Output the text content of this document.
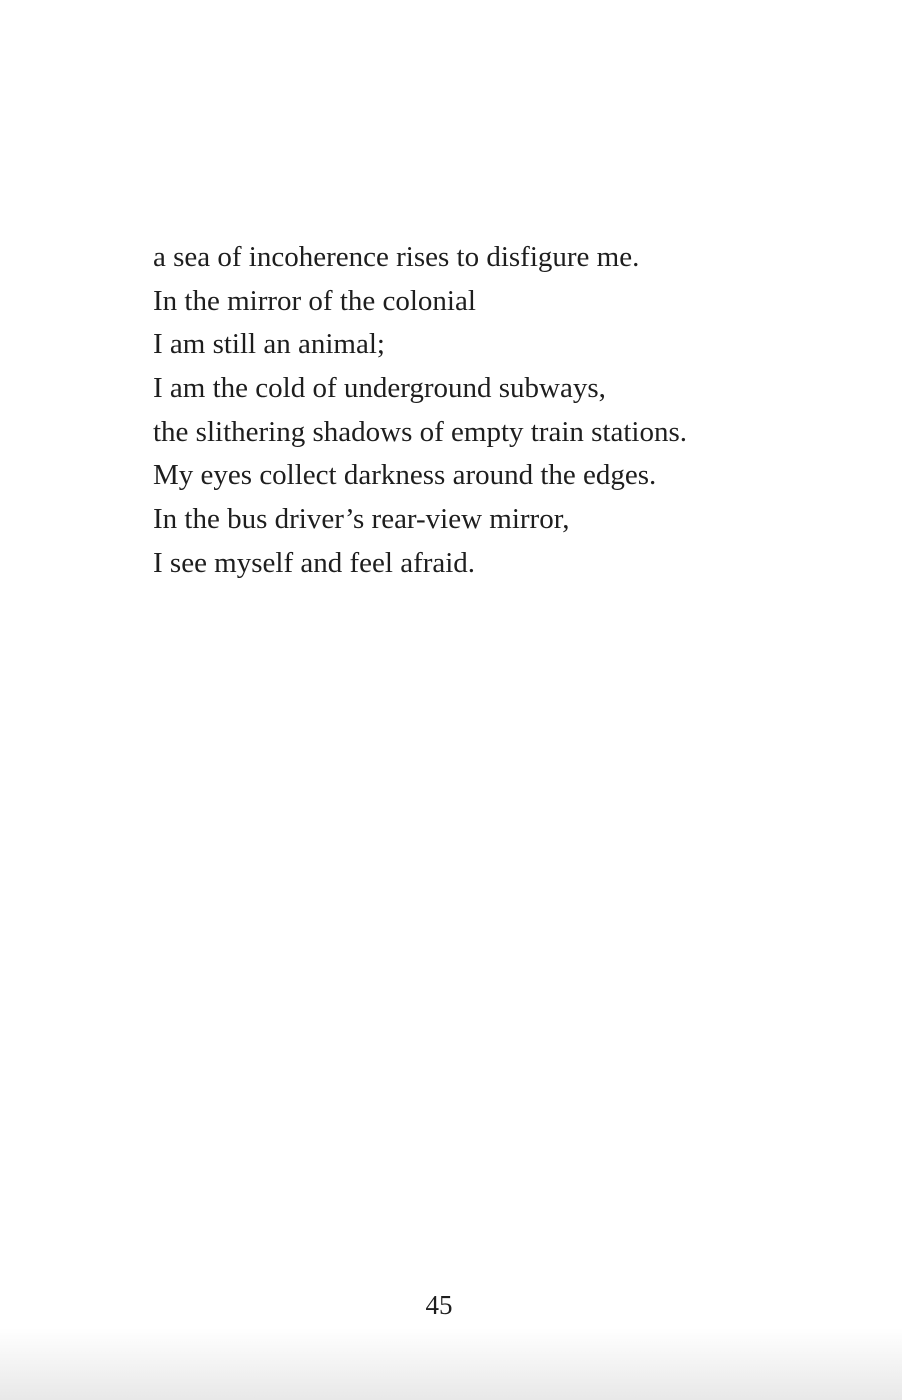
a sea of incoherence rises to disfigure me.
In the mirror of the colonial
I am still an animal;
I am the cold of underground subways,
the slithering shadows of empty train stations.
My eyes collect darkness around the edges.
In the bus driver’s rear-view mirror,
I see myself and feel afraid.
45
